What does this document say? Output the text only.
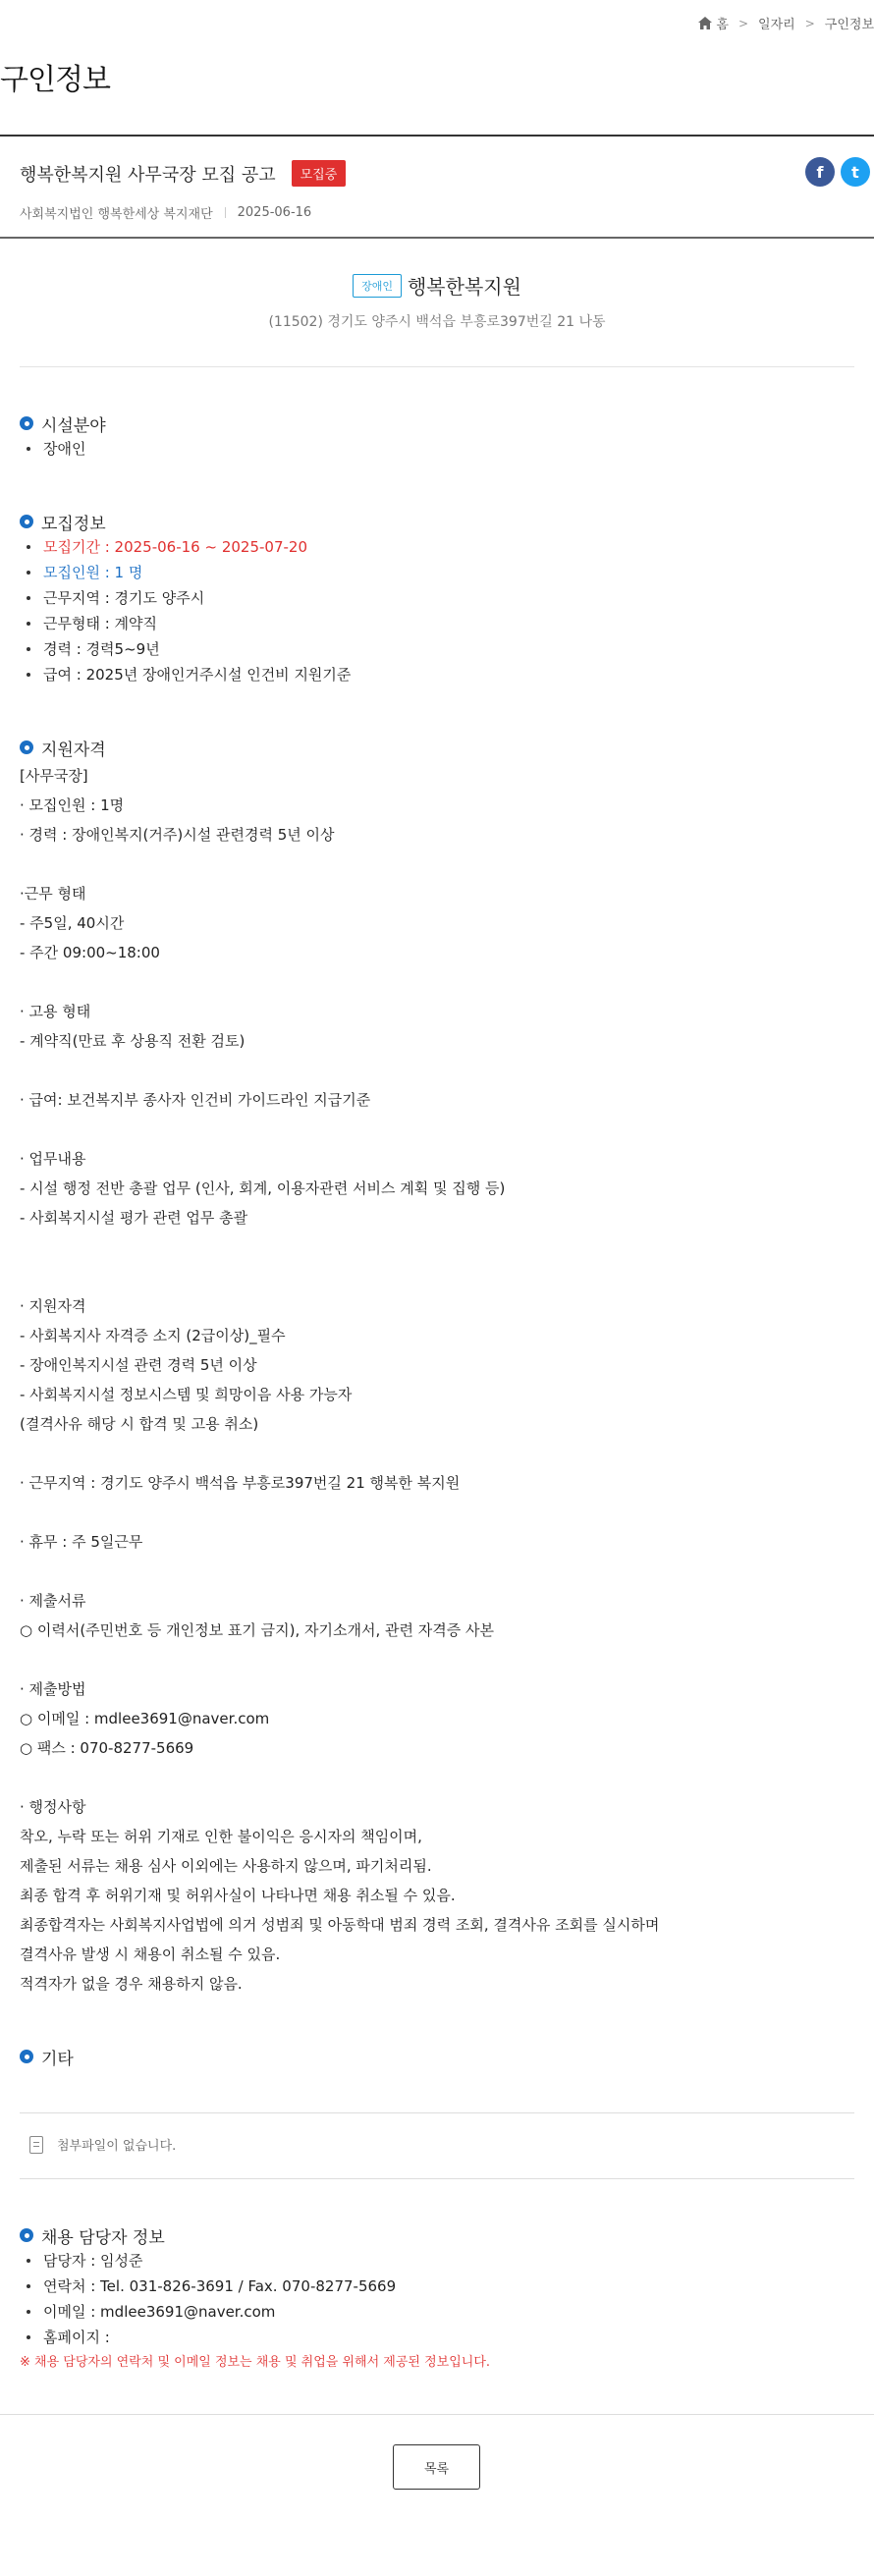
홈 > 일자리 > 구인정보
구인정보
행복한복지원 사무국장 모집 공고	모집중
사회복지법인 행복한세상 복지재단 2025-06-16
f t
장애인 행복한복지원
(11502) 경기도 양주시 백석읍 부흥로397번길 21 나동
시설분야
장애인
모집정보
모집기간 : 2025-06-16 ~ 2025-07-20
모집인원 : 1 명
근무지역 : 경기도 양주시
근무형태 : 계약직
경력 : 경력5~9년
급여 : 2025년 장애인거주시설 인건비 지원기준
지원자격
[사무국장]
· 모집인원 : 1명
· 경력 : 장애인복지(거주)시설 관련경력 5년 이상
·근무 형태
- 주5일, 40시간
- 주간 09:00~18:00
· 고용 형태
- 계약직(만료 후 상용직 전환 검토)
· 급여: 보건복지부 종사자 인건비 가이드라인 지급기준
· 업무내용
- 시설 행정 전반 총괄 업무 (인사, 회계, 이용자관련 서비스 계획 및 집행 등)
- 사회복지시설 평가 관련 업무 총괄
· 지원자격
- 사회복지사 자격증 소지 (2급이상)_필수
- 장애인복지시설 관련 경력 5년 이상
- 사회복지시설 정보시스템 및 희망이음 사용 가능자
(결격사유 해당 시 합격 및 고용 취소)
· 근무지역 : 경기도 양주시 백석읍 부흥로397번길 21 행복한 복지원
· 휴무 : 주 5일근무
· 제출서류
○ 이력서(주민번호 등 개인정보 표기 금지), 자기소개서, 관련 자격증 사본
· 제출방법
○ 이메일 : mdlee3691@naver.com
○ 팩스 : 070-8277-5669
· 행정사항
착오, 누락 또는 허위 기재로 인한 불이익은 응시자의 책임이며,
제출된 서류는 채용 심사 이외에는 사용하지 않으며, 파기처리됨.
최종 합격 후 허위기재 및 허위사실이 나타나면 채용 취소될 수 있음.
최종합격자는 사회복지사업법에 의거 성범죄 및 아동학대 범죄 경력 조회, 결격사유 조회를 실시하며
결격사유 발생 시 채용이 취소될 수 있음.
적격자가 없을 경우 채용하지 않음.
기타
첨부파일이 없습니다.
채용 담당자 정보
담당자 : 임성준
연락처 : Tel. 031-826-3691 / Fax. 070-8277-5669
이메일 : mdlee3691@naver.com
홈페이지 :
※ 채용 담당자의 연락처 및 이메일 정보는 채용 및 취업을 위해서 제공된 정보입니다.
목록
